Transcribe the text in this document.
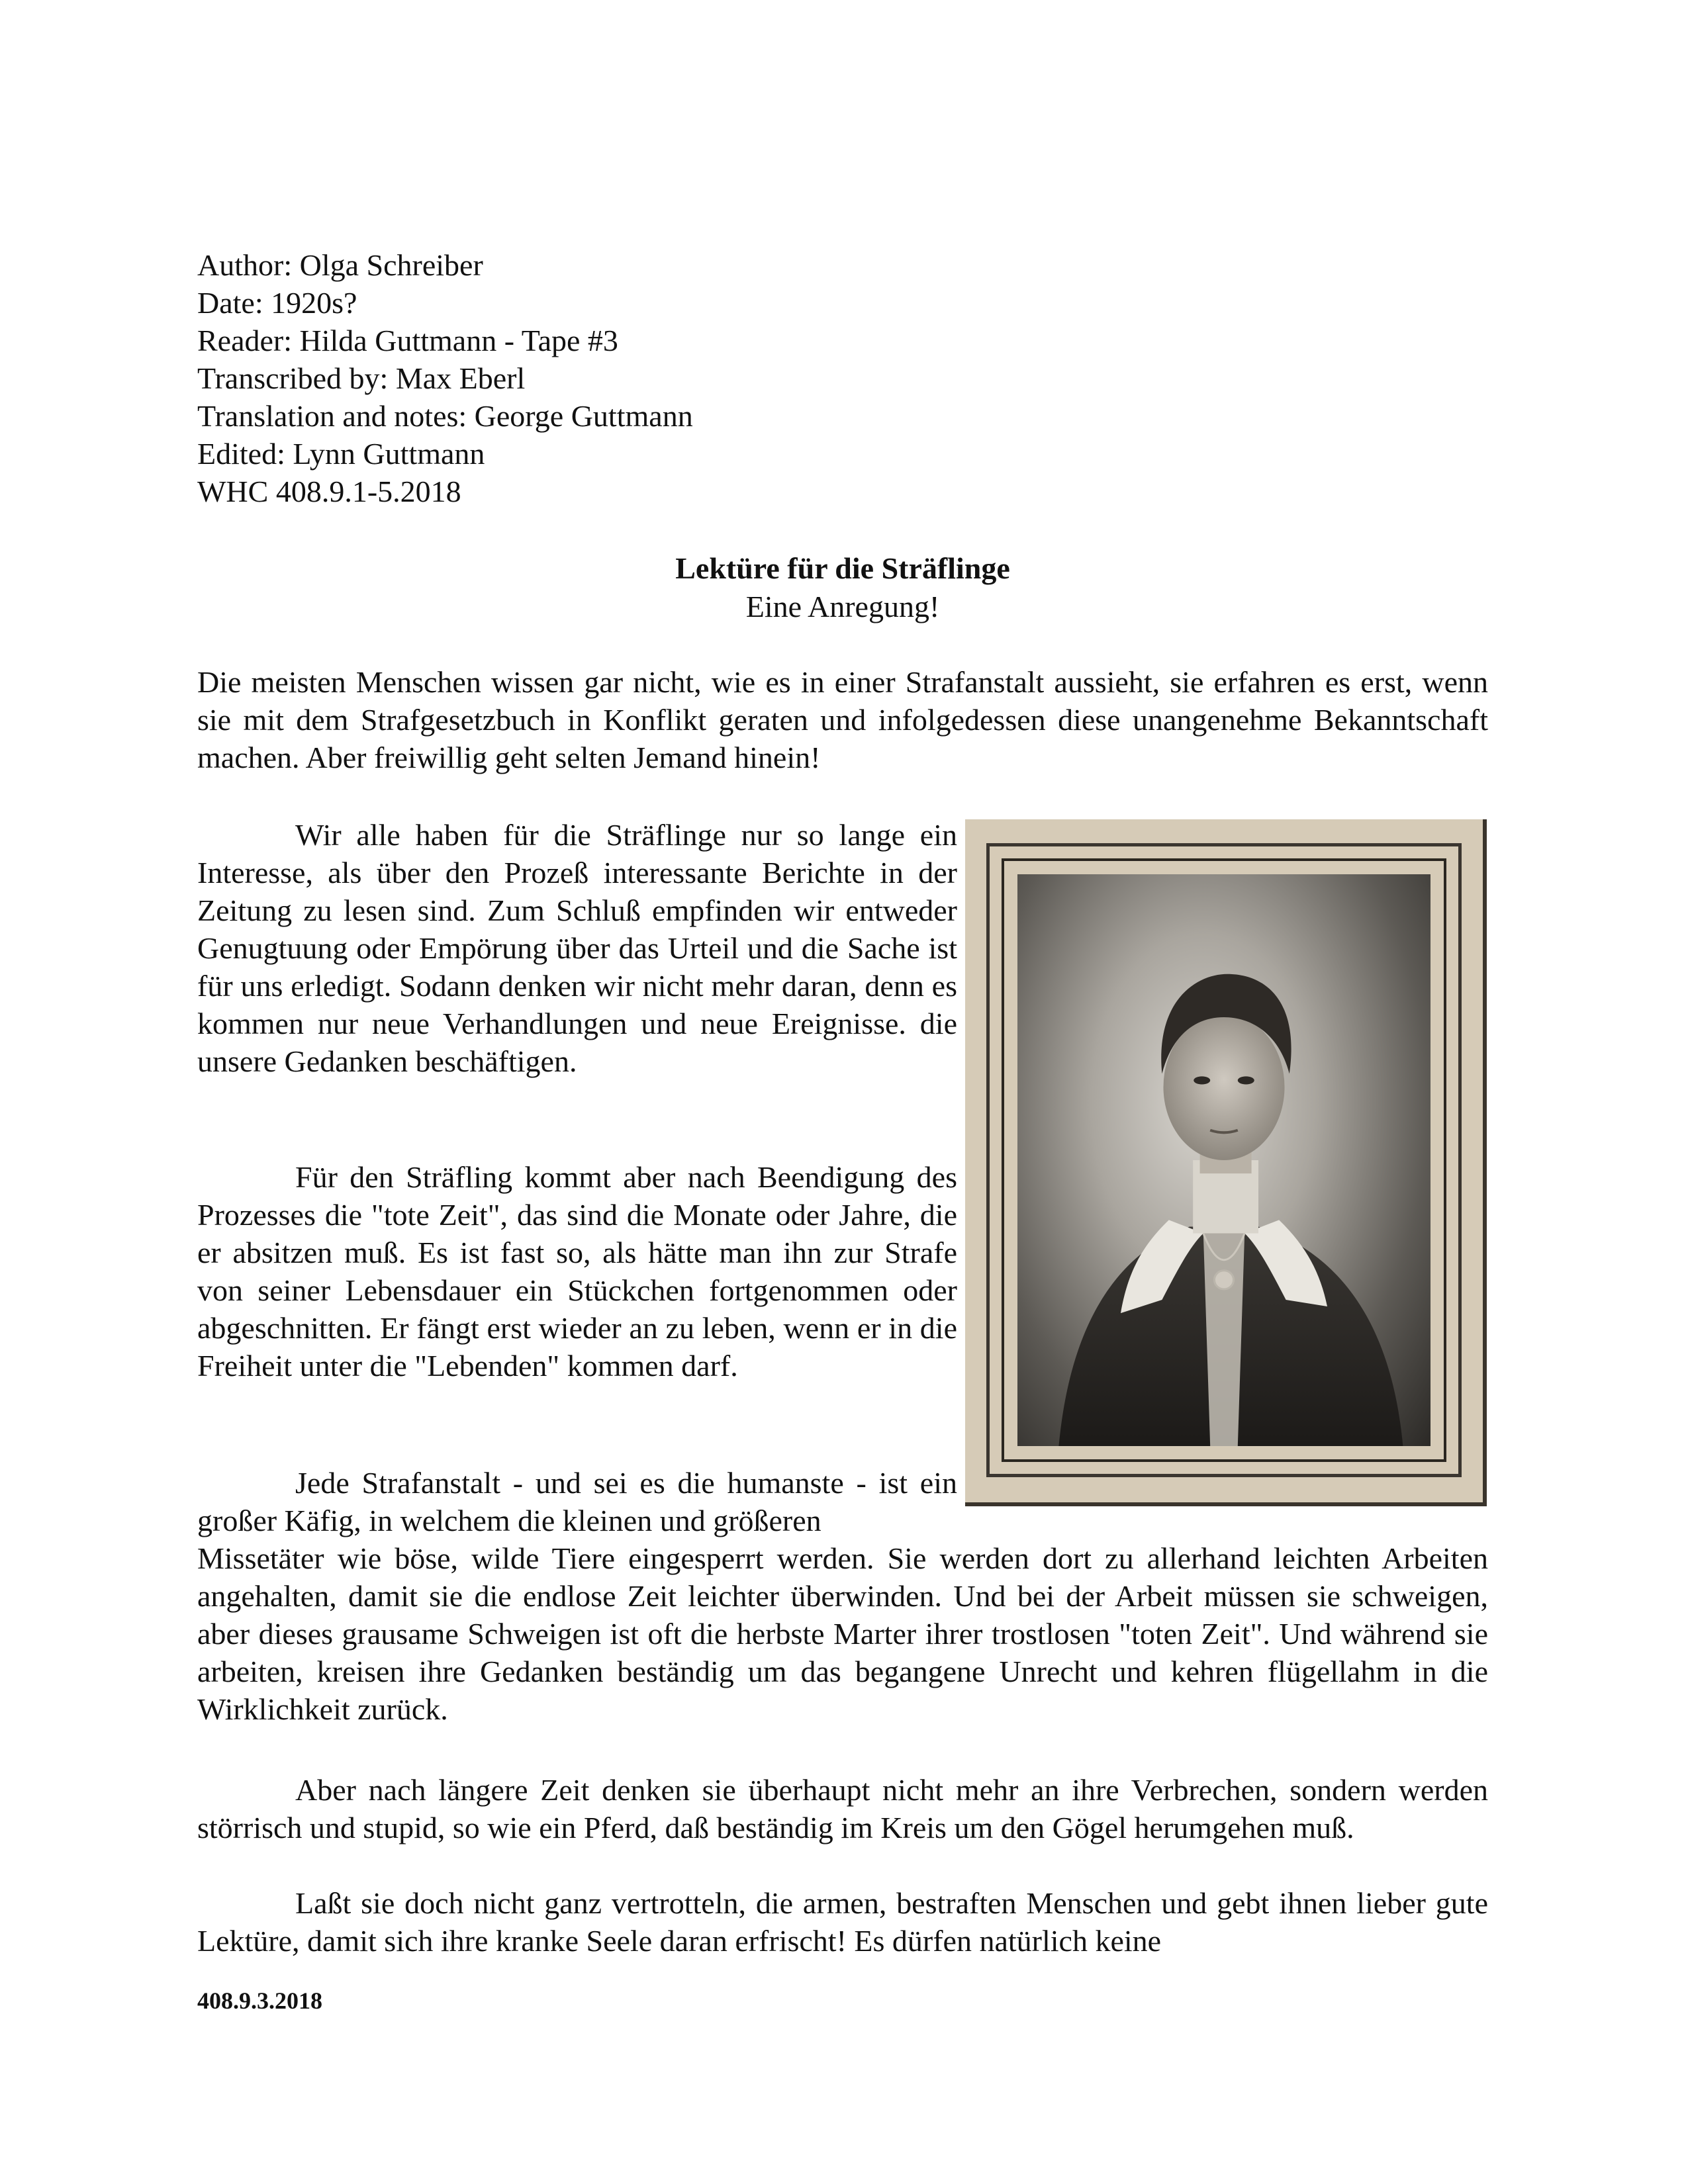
Author: Olga Schreiber
Date: 1920s?
Reader: Hilda Guttmann - Tape #3
Transcribed by: Max Eberl
Translation and notes: George Guttmann
Edited: Lynn Guttmann
WHC 408.9.1-5.2018
Lektüre für die Sträflinge
Eine Anregung!
Die meisten Menschen wissen gar nicht, wie es in einer Strafanstalt aussieht, sie erfahren es erst, wenn sie mit dem Strafgesetzbuch in Konflikt geraten und infolgedessen diese unangenehme Bekanntschaft machen. Aber freiwillig geht selten Jemand hinein!
Wir alle haben für die Sträflinge nur so lange ein Interesse, als über den Prozeß interessante Berichte in der Zeitung zu lesen sind. Zum Schluß empfinden wir entweder Genugtuung oder Empörung über das Urteil und die Sache ist für uns erledigt. Sodann denken wir nicht mehr daran, denn es kommen nur neue Verhandlungen und neue Ereignisse. die unsere Gedanken beschäftigen.
Für den Sträfling kommt aber nach Beendigung des Prozesses die "tote Zeit", das sind die Monate oder Jahre, die er absitzen muß. Es ist fast so, als hätte man ihn zur Strafe von seiner Lebensdauer ein Stückchen fortgenommen oder abgeschnitten. Er fängt erst wieder an zu leben, wenn er in die Freiheit unter die "Lebenden" kommen darf.
Jede Strafanstalt - und sei es die humanste - ist ein großer Käfig, in welchem die kleinen und größeren
Missetäter wie böse, wilde Tiere eingesperrt werden. Sie werden dort zu allerhand leichten Arbeiten angehalten, damit sie die endlose Zeit leichter überwinden. Und bei der Arbeit müssen sie schweigen, aber dieses grausame Schweigen ist oft die herbste Marter ihrer trostlosen "toten Zeit". Und während sie arbeiten, kreisen ihre Gedanken beständig um das begangene Unrecht und kehren flügellahm in die Wirklichkeit zurück.
Aber nach längere Zeit denken sie überhaupt nicht mehr an ihre Verbrechen, sondern werden störrisch und stupid, so wie ein Pferd, daß beständig im Kreis um den Gögel herumgehen muß.
Laßt sie doch nicht ganz vertrotteln, die armen, bestraften Menschen und gebt ihnen lieber gute Lektüre, damit sich ihre kranke Seele daran erfrischt! Es dürfen natürlich keine
408.9.3.2018
